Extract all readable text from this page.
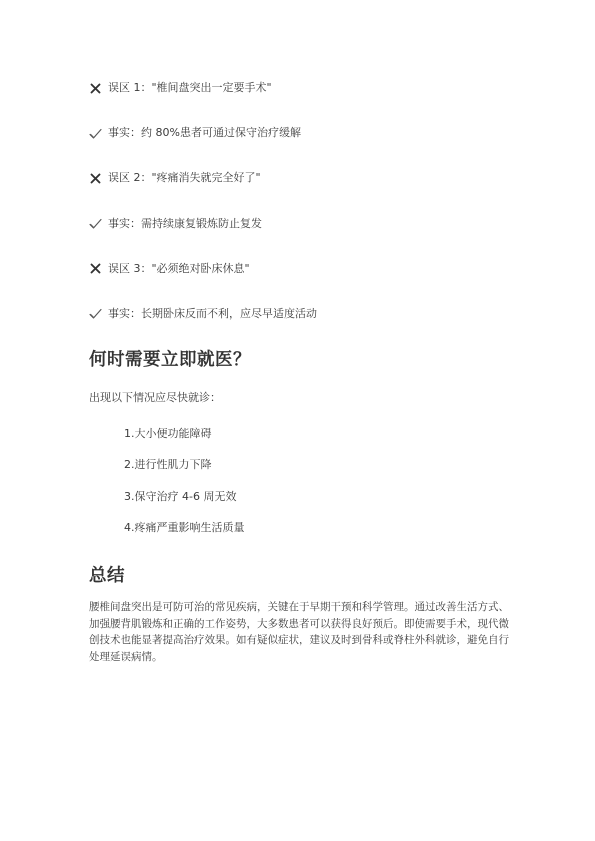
误区 1："椎间盘突出一定要手术"
事实：约 80%患者可通过保守治疗缓解
误区 2："疼痛消失就完全好了"
事实：需持续康复锻炼防止复发
误区 3："必须绝对卧床休息"
事实：长期卧床反而不利，应尽早适度活动
何时需要立即就医？
出现以下情况应尽快就诊：
1.大小便功能障碍
2.进行性肌力下降
3.保守治疗 4-6 周无效
4.疼痛严重影响生活质量
总结

腰椎间盘突出是可防可治的常见疾病，关键在于早期干预和科学管理。通过改善生活方式、加强腰背肌锻炼和正确的工作姿势，大多数患者可以获得良好预后。即使需要手术，现代微创技术也能显著提高治疗效果。如有疑似症状，建议及时到骨科或脊柱外科就诊，避免自行处理延误病情。
